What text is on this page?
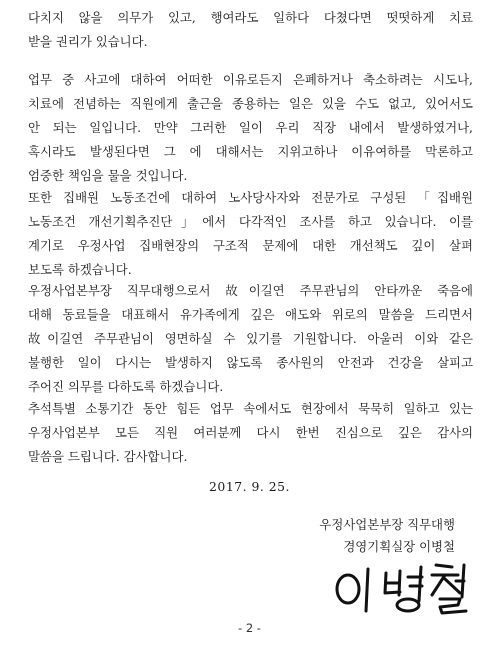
다치지 않을 의무가 있고, 행여라도 일하다 다쳤다면 떳떳하게 치료
받을 권리가 있습니다.
업무 중 사고에 대하여 어떠한 이유로든지 은폐하거나 축소하려는 시도나,
치료에 전념하는 직원에게 출근을 종용하는 일은 있을 수도 없고, 있어서도
안 되는 일입니다. 만약 그러한 일이 우리 직장 내에서 발생하였거나,
혹시라도 발생된다면 그 에 대해서는 지위고하나 이유여하를 막론하고
엄중한 책임을 물을 것입니다.
또한 집배원 노동조건에 대하여 노사당사자와 전문가로 구성된 「집배원
노동조건 개선기획추진단」에서 다각적인 조사를 하고 있습니다. 이를
계기로 우정사업 집배현장의 구조적 문제에 대한 개선책도 깊이 살펴
보도록 하겠습니다.
우정사업본부장 직무대행으로서 故이길연 주무관님의 안타까운 죽음에
대해 동료들을 대표해서 유가족에게 깊은 애도와 위로의 말씀을 드리면서
故이길연 주무관님이 영면하실 수 있기를 기원합니다. 아울러 이와 같은
불행한 일이 다시는 발생하지 않도록 종사원의 안전과 건강을 살피고
주어진 의무를 다하도록 하겠습니다.
추석특별 소통기간 동안 힘든 업무 속에서도 현장에서 묵묵히 일하고 있는
우정사업본부 모든 직원 여러분께 다시 한번 진심으로 깊은 감사의
말씀을 드립니다. 감사합니다.
2017. 9. 25.
우정사업본부장 직무대행
경영기획실장 이병철
- 2 -
